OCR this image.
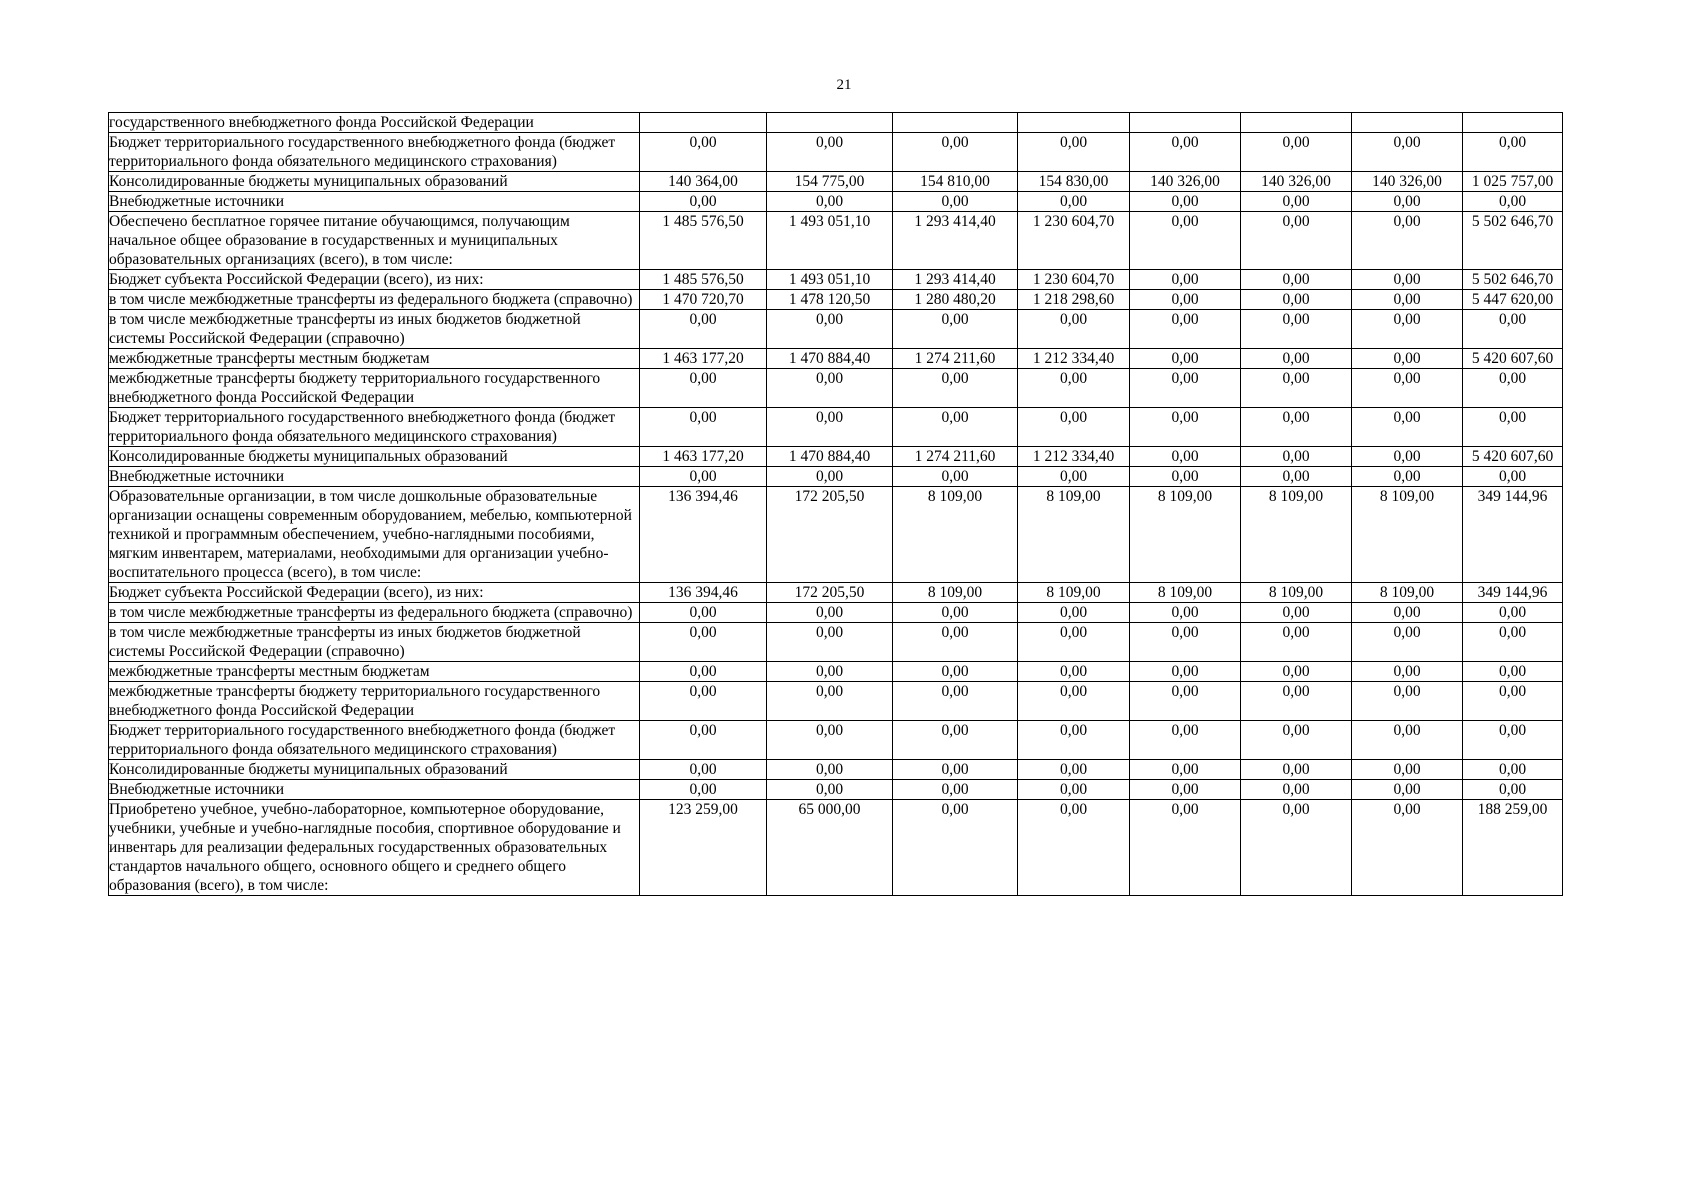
21
государственного внебюджетного фонда Российской Федерации								
Бюджет территориального государственного внебюджетного фонда (бюджет территориального фонда обязательного медицинского страхования)	0,00	0,00	0,00	0,00	0,00	0,00	0,00	0,00
Консолидированные бюджеты муниципальных образований	140 364,00	154 775,00	154 810,00	154 830,00	140 326,00	140 326,00	140 326,00	1 025 757,00
Внебюджетные источники	0,00	0,00	0,00	0,00	0,00	0,00	0,00	0,00
Обеспечено бесплатное горячее питание обучающимся, получающим начальное общее образование в государственных и муниципальных образовательных организациях (всего), в том числе:	1 485 576,50	1 493 051,10	1 293 414,40	1 230 604,70	0,00	0,00	0,00	5 502 646,70
Бюджет субъекта Российской Федерации (всего), из них:	1 485 576,50	1 493 051,10	1 293 414,40	1 230 604,70	0,00	0,00	0,00	5 502 646,70
в том числе межбюджетные трансферты из федерального бюджета (справочно)	1 470 720,70	1 478 120,50	1 280 480,20	1 218 298,60	0,00	0,00	0,00	5 447 620,00
в том числе межбюджетные трансферты из иных бюджетов бюджетной системы Российской Федерации (справочно)	0,00	0,00	0,00	0,00	0,00	0,00	0,00	0,00
межбюджетные трансферты местным бюджетам	1 463 177,20	1 470 884,40	1 274 211,60	1 212 334,40	0,00	0,00	0,00	5 420 607,60
межбюджетные трансферты бюджету территориального государственного внебюджетного фонда Российской Федерации	0,00	0,00	0,00	0,00	0,00	0,00	0,00	0,00
Бюджет территориального государственного внебюджетного фонда (бюджет территориального фонда обязательного медицинского страхования)	0,00	0,00	0,00	0,00	0,00	0,00	0,00	0,00
Консолидированные бюджеты муниципальных образований	1 463 177,20	1 470 884,40	1 274 211,60	1 212 334,40	0,00	0,00	0,00	5 420 607,60
Внебюджетные источники	0,00	0,00	0,00	0,00	0,00	0,00	0,00	0,00
Образовательные организации, в том числе дошкольные образовательные организации оснащены современным оборудованием, мебелью, компьютерной техникой и программным обеспечением, учебно-наглядными пособиями, мягким инвентарем, материалами, необходимыми для организации учебно-воспитательного процесса (всего), в том числе:	136 394,46	172 205,50	8 109,00	8 109,00	8 109,00	8 109,00	8 109,00	349 144,96
Бюджет субъекта Российской Федерации (всего), из них:	136 394,46	172 205,50	8 109,00	8 109,00	8 109,00	8 109,00	8 109,00	349 144,96
в том числе межбюджетные трансферты из федерального бюджета (справочно)	0,00	0,00	0,00	0,00	0,00	0,00	0,00	0,00
в том числе межбюджетные трансферты из иных бюджетов бюджетной системы Российской Федерации (справочно)	0,00	0,00	0,00	0,00	0,00	0,00	0,00	0,00
межбюджетные трансферты местным бюджетам	0,00	0,00	0,00	0,00	0,00	0,00	0,00	0,00
межбюджетные трансферты бюджету территориального государственного внебюджетного фонда Российской Федерации	0,00	0,00	0,00	0,00	0,00	0,00	0,00	0,00
Бюджет территориального государственного внебюджетного фонда (бюджет территориального фонда обязательного медицинского страхования)	0,00	0,00	0,00	0,00	0,00	0,00	0,00	0,00
Консолидированные бюджеты муниципальных образований	0,00	0,00	0,00	0,00	0,00	0,00	0,00	0,00
Внебюджетные источники	0,00	0,00	0,00	0,00	0,00	0,00	0,00	0,00
Приобретено учебное, учебно-лабораторное, компьютерное оборудование, учебники, учебные и учебно-наглядные пособия, спортивное оборудование и инвентарь для реализации федеральных государственных образовательных стандартов начального общего, основного общего и среднего общего образования (всего), в том числе:	123 259,00	65 000,00	0,00	0,00	0,00	0,00	0,00	188 259,00
